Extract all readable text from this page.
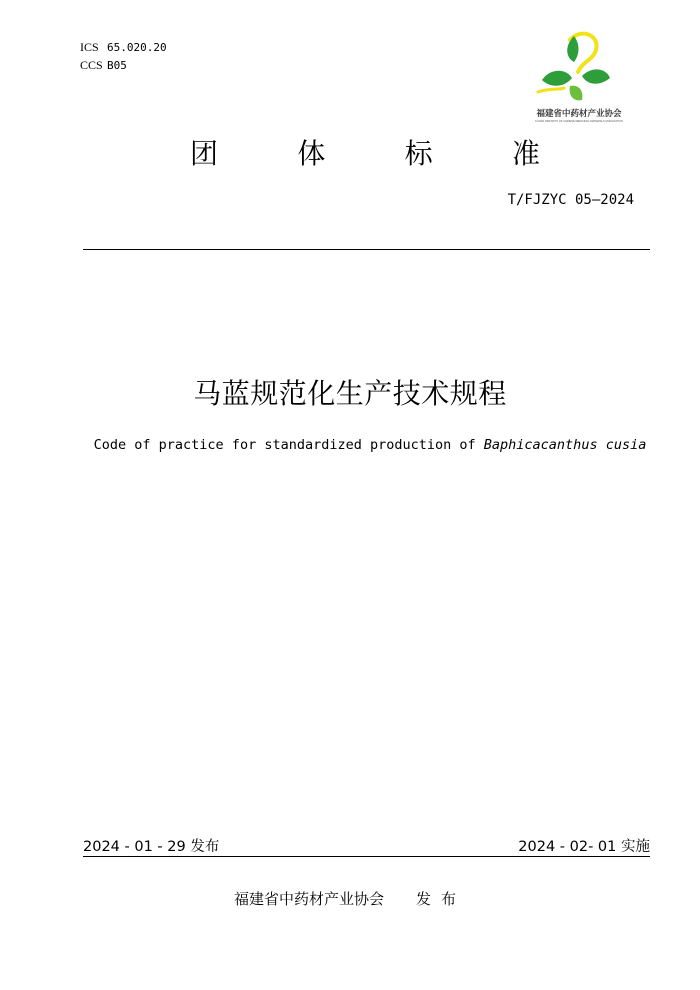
ICS 65.020.20
CCS B05
福建省中药材产业协会
FUJIAN INDUSTRY OF CHINESE MEDICINAL MATERIALS ASSOCIATION
团	体	标	准
T/FJZYC 05—2024
马蓝规范化生产技术规程
Code of practice for standardized production of Baphicacanthus cusia
2024 - 01 - 29 发布	2024 - 02- 01 实施
福建省中药材产业协会 发布
